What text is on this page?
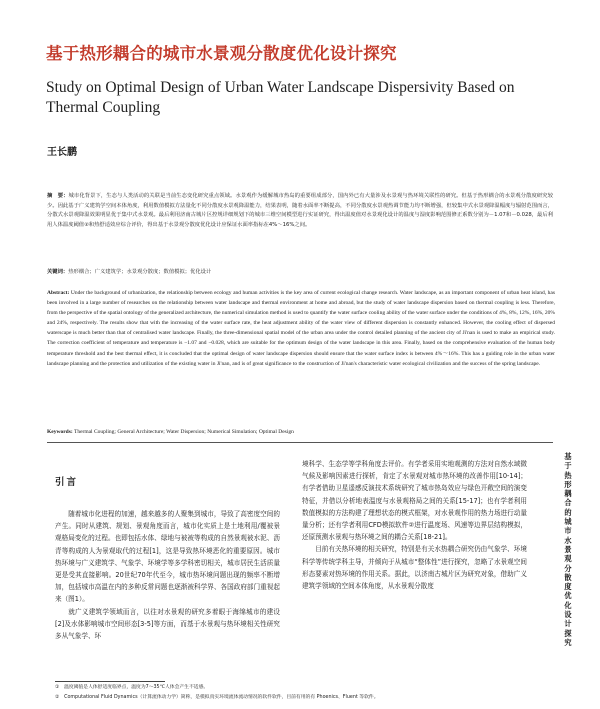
基于热形耦合的城市水景观分散度优化设计探究
Study on Optimal Design of Urban Water Landscape Dispersivity Based on Thermal Coupling
王长鹏
摘　要：城市化背景下，生态与人类活动的关联是当前生态变化研究重点领域。水景观作为缓解城市热岛的重要组成部分，国内外已有大量涉及水景观与热环境关联性的研究。但基于热形耦合的水景观分散度研究较少。因此基于广义建筑学空间本体角度，利用数值模拟方法量化不同分散度水景观降温能力，结果表明，随着水面率不断提高，不同分散度水景观热调节能力均不断增强，但较集中式水景观降温幅度与辐射范围而言，分散式水景观降温效果明显优于集中式水景观。最后利用济南古城片区控规详细规划下的城市三维空间模型进行实证研究，得出温度值对水景观化设计的温度与湿度影响范围修正系数分别为－1.07和－0.028，最后利用人体温度阈值②和热舒适效应综合评价，得出基于水景观分散度优化设计应保证水面率指标在4%～16%之间。
关键词：热形耦合；广义建筑学；水景观分散度；数值模拟；优化设计
Abstract: Under the background of urbanization, the relationship between ecology and human activities is the key area of current ecological change research. Water landscape, as an important component of urban heat island, has been involved in a large number of researches on the relationship between water landscape and thermal environment at home and abroad, but the study of water landscape dispersion based on thermal coupling is less. Therefore, from the perspective of the spatial ontology of the generalized architecture, the numerical simulation method is used to quantify the water surface cooling ability of the water surface under the conditions of 4%, 8%, 12%, 16%, 20% and 24%, respectively. The results show that with the increasing of the water surface rate, the heat adjustment ability of the water view of different dispersion is constantly enhanced. However, the cooling effect of dispersed waterscape is much better than that of centralised water landscape. Finally, the three-dimensional spatial model of the urban area under the control detailed planning of the ancient city of Ji'nan is used to make an empirical study. The correction coefficient of temperature and temperature is −1.07 and −0.028, which are suitable for the optimum design of the water landscape in this area. Finally, based on the comprehensive evaluation of the human body temperature threshold and the best thermal effect, it is concluded that the optimal design of water landscape dispersion should ensure that the water surface index is between 4%～16%. This has a guiding role in the urban water landscape planning and the protection and utilization of the existing water in Ji'nan, and is of great significance to the construction of Ji'nan's characteristic water ecological civilization and the success of the spring landscape.
Keywords: Thermal Coupling; General Architecture; Water Dispersion; Numerical Simulation; Optimal Design
引言

随着城市化进程的加速，越来越多的人聚集到城市，导致了高密度空间的产生。同时从建筑、规划、景观角度而言，城市化实质上是土地利用/覆被景观格局变化的过程。也即包括水体、绿地与被被等构成的自然景观被水泥、沥青等构成的人为景观取代的过程[1]，这是导致热环境恶化的重要原因。城市热环境与广义建筑学、气象学、环境学等多学科密切相关，城市居民生活质量更是受其直接影响。20世纪70年代至今，城市热环境问题出现的频率不断增加，包括城市高温在内的多种反常问题也逐渐被科学界、各国政府部门重视起来（图1）。

就广义建筑学领域而言，以往对水景观的研究多着眼于海绵城市的建设[2]及水体影响城市空间形态[3-5]等方面，而基于水景观与热环境相关性研究多从气象学、环

境科学、生态学等学科角度去评价。有学者采用实地观测的方法对自然水域微气候及影响因素进行探析，肯定了水景观对城市热环境的改善作用[10-14]；有学者借助卫星遥感反演技术系统研究了城市热岛效应与绿色开敞空间的演变特征，并借以分析地表温度与水景观格局之间的关系[15-17]；也有学者利用数值模拟的方法构建了理想状态的模式框架，对水景观作用的热力场进行动量量分析；还有学者利用CFD模拟软件②进行温度场、风速等边界层结构模拟，还原预测水景观与热环境之间的耦合关系[18-21]。

目前有关热环境的相关研究，特别是有关水热耦合研究仍由气象学、环境科学等传统学科主导，并倾向于从城市“整体性”进行探究，忽略了水景观空间形态要素对热环境的作用关系。据此，以济南古城片区为研究对象，借助广义建筑学领域的空间本体角度，从水景观分散度

①　温度阈值是人体舒适度临界点，温度为7～35℃人体会产生不适感。
②　Computational Fluid Dynamics（计算流体动力学）简称，是模拟真实环境流体流动情况的软件软件，目前有用的有 Phoenics、Fluent 等软件。
基于热形耦合的城市水景观分散度优化设计探究
